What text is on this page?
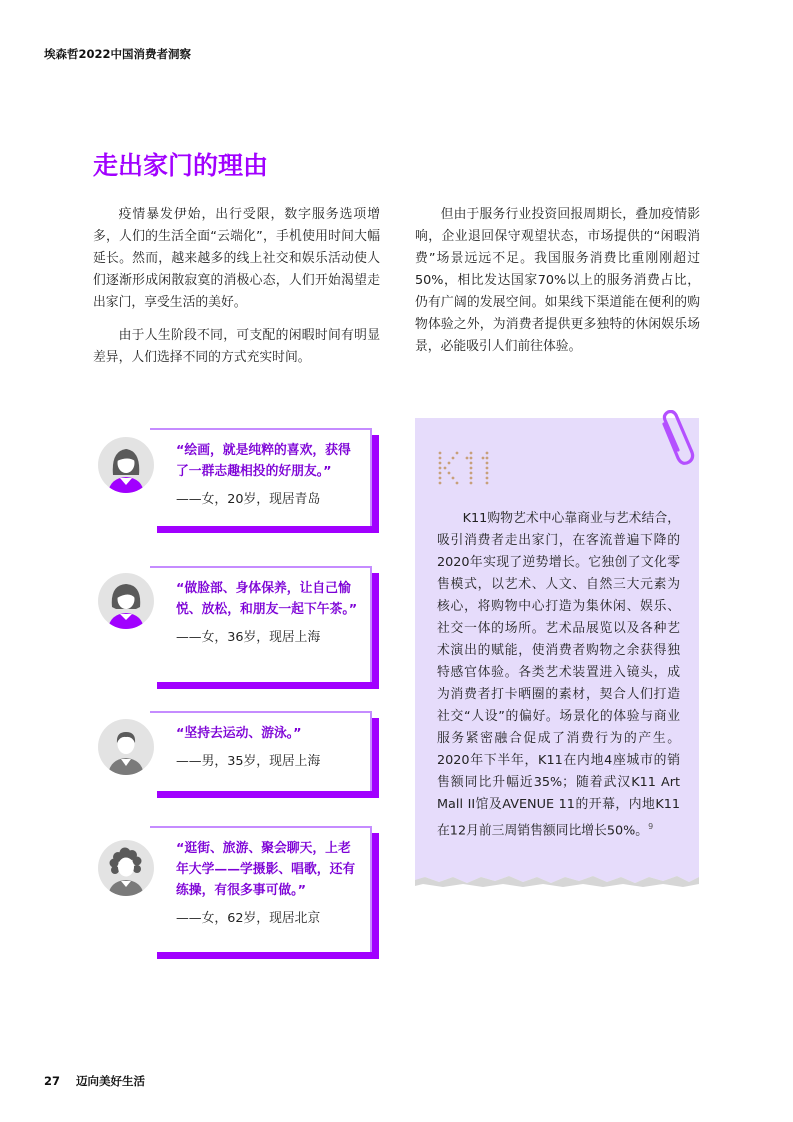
埃森哲2022中国消费者洞察
走出家门的理由

疫情暴发伊始，出行受限，数字服务选项增多，人们的生活全面“云端化”，手机使用时间大幅延长。然而，越来越多的线上社交和娱乐活动使人们逐渐形成闲散寂寞的消极心态，人们开始渴望走出家门，享受生活的美好。

由于人生阶段不同，可支配的闲暇时间有明显差异，人们选择不同的方式充实时间。

但由于服务行业投资回报周期长，叠加疫情影响，企业退回保守观望状态，市场提供的“闲暇消费”场景远远不足。我国服务消费比重刚刚超过50%，相比发达国家70%以上的服务消费占比，仍有广阔的发展空间。如果线下渠道能在便利的购物体验之外，为消费者提供更多独特的休闲娱乐场景，必能吸引人们前往体验。

“绘画，就是纯粹的喜欢，获得了一群志趣相投的好朋友。”

——女，20岁，现居青岛

“做脸部、身体保养，让自己愉悦、放松，和朋友一起下午茶。”

——女，36岁，现居上海

“坚持去运动、游泳。”

——男，35岁，现居上海

“逛街、旅游、聚会聊天，上老年大学——学摄影、唱歌，还有练操，有很多事可做。”

——女，62岁，现居北京

K11购物艺术中心靠商业与艺术结合，吸引消费者走出家门，在客流普遍下降的2020年实现了逆势增长。它独创了文化零售模式，以艺术、人文、自然三大元素为核心，将购物中心打造为集休闲、娱乐、社交一体的场所。艺术品展览以及各种艺术演出的赋能，使消费者购物之余获得独特感官体验。各类艺术装置进入镜头，成为消费者打卡晒圈的素材，契合人们打造社交“人设”的偏好。场景化的体验与商业服务紧密融合促成了消费行为的产生。2020年下半年，K11在内地4座城市的销售额同比升幅近35%；随着武汉K11 Art Mall II馆及AVENUE 11的开幕，内地K11在12月前三周销售额同比增长50%。$^9$

27 迈向美好生活
